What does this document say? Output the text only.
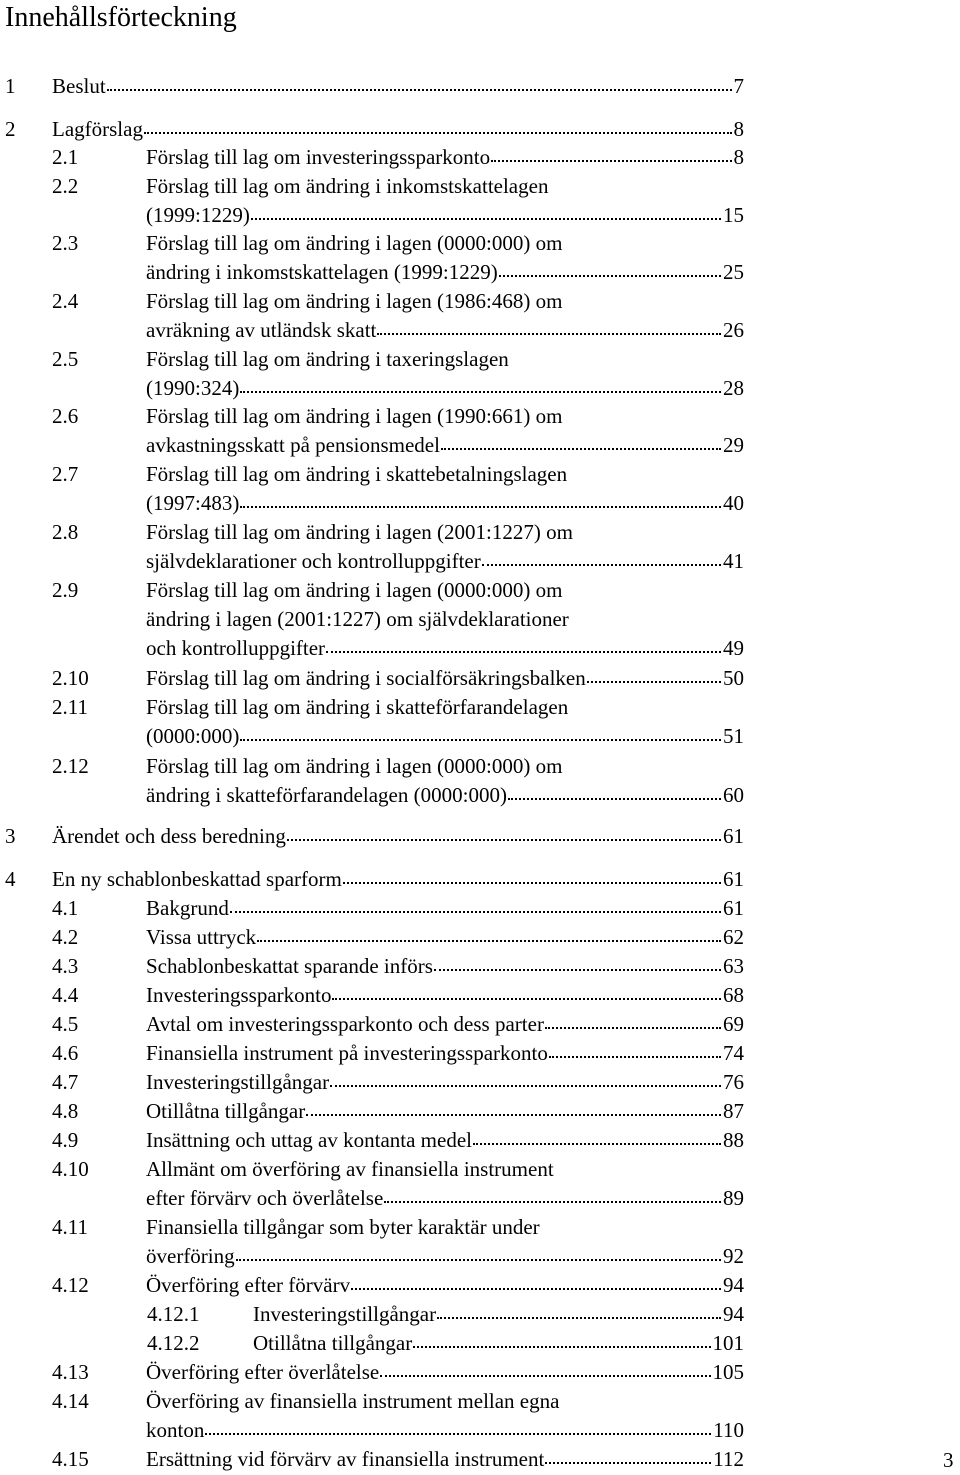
Innehållsförteckning
1 Beslut	7
2 Lagförslag	8
2.1	Förslag till lag om investeringssparkonto	8
2.2	Förslag till lag om ändring i inkomstskattelagen
(1999:1229)	15
2.3	Förslag till lag om ändring i lagen (0000:000) om
ändring i inkomstskattelagen (1999:1229)	25
2.4	Förslag till lag om ändring i lagen (1986:468) om
avräkning av utländsk skatt	26
2.5	Förslag till lag om ändring i taxeringslagen
(1990:324)	28
2.6	Förslag till lag om ändring i lagen (1990:661) om
avkastningsskatt på pensionsmedel	29
2.7	Förslag till lag om ändring i skattebetalningslagen
(1997:483)	40
2.8	Förslag till lag om ändring i lagen (2001:1227) om
självdeklarationer och kontrolluppgifter	41
2.9	Förslag till lag om ändring i lagen (0000:000) om
ändring i lagen (2001:1227) om självdeklarationer
och kontrolluppgifter	49
2.10	Förslag till lag om ändring i socialförsäkringsbalken	50
2.11	Förslag till lag om ändring i skatteförfarandelagen
(0000:000)	51
2.12	Förslag till lag om ändring i lagen (0000:000) om
ändring i skatteförfarandelagen (0000:000)	60
3 Ärendet och dess beredning	61
4 En ny schablonbeskattad sparform	61
4.1	Bakgrund	61
4.2	Vissa uttryck	62
4.3	Schablonbeskattat sparande införs	63
4.4	Investeringssparkonto	68
4.5	Avtal om investeringssparkonto och dess parter	69
4.6	Finansiella instrument på investeringssparkonto	74
4.7	Investeringstillgångar	76
4.8	Otillåtna tillgångar	87
4.9	Insättning och uttag av kontanta medel	88
4.10	Allmänt om överföring av finansiella instrument
efter förvärv och överlåtelse	89
4.11	Finansiella tillgångar som byter karaktär under
överföring	92
4.12	Överföring efter förvärv	94
4.12.1	Investeringstillgångar	94
4.12.2	Otillåtna tillgångar	101
4.13	Överföring efter överlåtelse	105
4.14	Överföring av finansiella instrument mellan egna
konton	110
4.15	Ersättning vid förvärv av finansiella instrument	112	3
